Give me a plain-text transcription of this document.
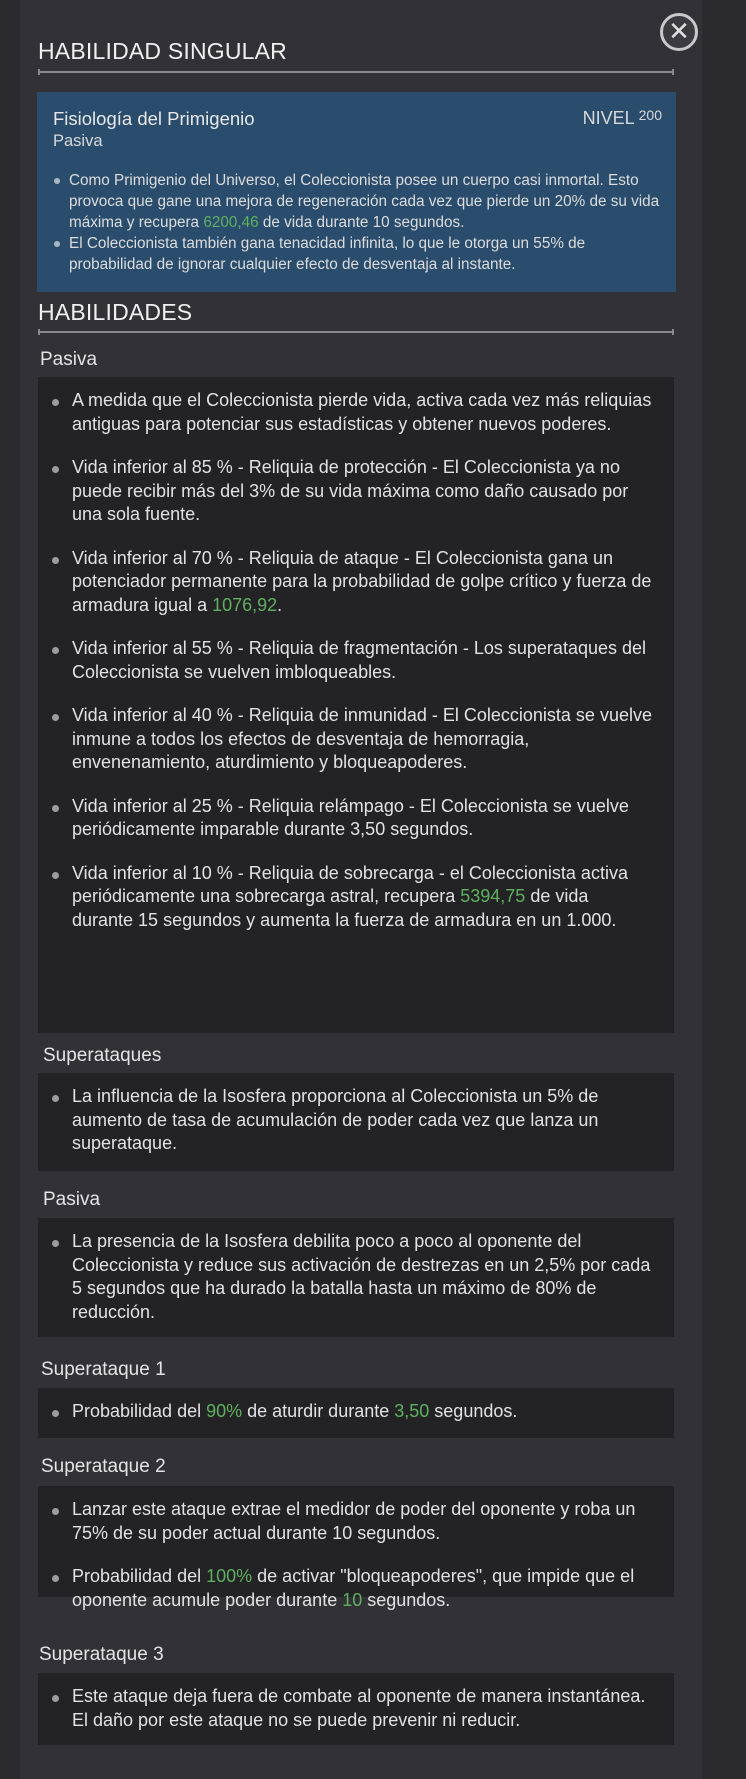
✕
HABILIDAD SINGULAR
Fisiología del Primigenio
Pasiva
NIVEL $^{200}$
Como Primigenio del Universo, el Coleccionista posee un cuerpo casi inmortal. Esto provoca que gane una mejora de regeneración cada vez que pierde un 20% de su vida máxima y recupera 6200,46 de vida durante 10 segundos.
El Coleccionista también gana tenacidad infinita, lo que le otorga un 55% de probabilidad de ignorar cualquier efecto de desventaja al instante.
HABILIDADES
Pasiva
A medida que el Coleccionista pierde vida, activa cada vez más reliquias antiguas para potenciar sus estadísticas y obtener nuevos poderes.
Vida inferior al 85 % - Reliquia de protección - El Coleccionista ya no puede recibir más del 3% de su vida máxima como daño causado por una sola fuente.
Vida inferior al 70 % - Reliquia de ataque - El Coleccionista gana un potenciador permanente para la probabilidad de golpe crítico y fuerza de armadura igual a 1076,92.
Vida inferior al 55 % - Reliquia de fragmentación - Los superataques del Coleccionista se vuelven imbloqueables.
Vida inferior al 40 % - Reliquia de inmunidad - El Coleccionista se vuelve inmune a todos los efectos de desventaja de hemorragia, envenenamiento, aturdimiento y bloqueapoderes.
Vida inferior al 25 % - Reliquia relámpago - El Coleccionista se vuelve periódicamente imparable durante 3,50 segundos.
Vida inferior al 10 % - Reliquia de sobrecarga - el Coleccionista activa periódicamente una sobrecarga astral, recupera 5394,75 de vida durante 15 segundos y aumenta la fuerza de armadura en un 1.000.
Superataques
La influencia de la Isosfera proporciona al Coleccionista un 5% de aumento de tasa de acumulación de poder cada vez que lanza un superataque.
Pasiva
La presencia de la Isosfera debilita poco a poco al oponente del Coleccionista y reduce sus activación de destrezas en un 2,5% por cada 5 segundos que ha durado la batalla hasta un máximo de 80% de reducción.
Superataque 1
Probabilidad del 90% de aturdir durante 3,50 segundos.
Superataque 2
Lanzar este ataque extrae el medidor de poder del oponente y roba un 75% de su poder actual durante 10 segundos.
Probabilidad del 100% de activar "bloqueapoderes", que impide que el oponente acumule poder durante 10 segundos.
Superataque 3
Este ataque deja fuera de combate al oponente de manera instantánea. El daño por este ataque no se puede prevenir ni reducir.
